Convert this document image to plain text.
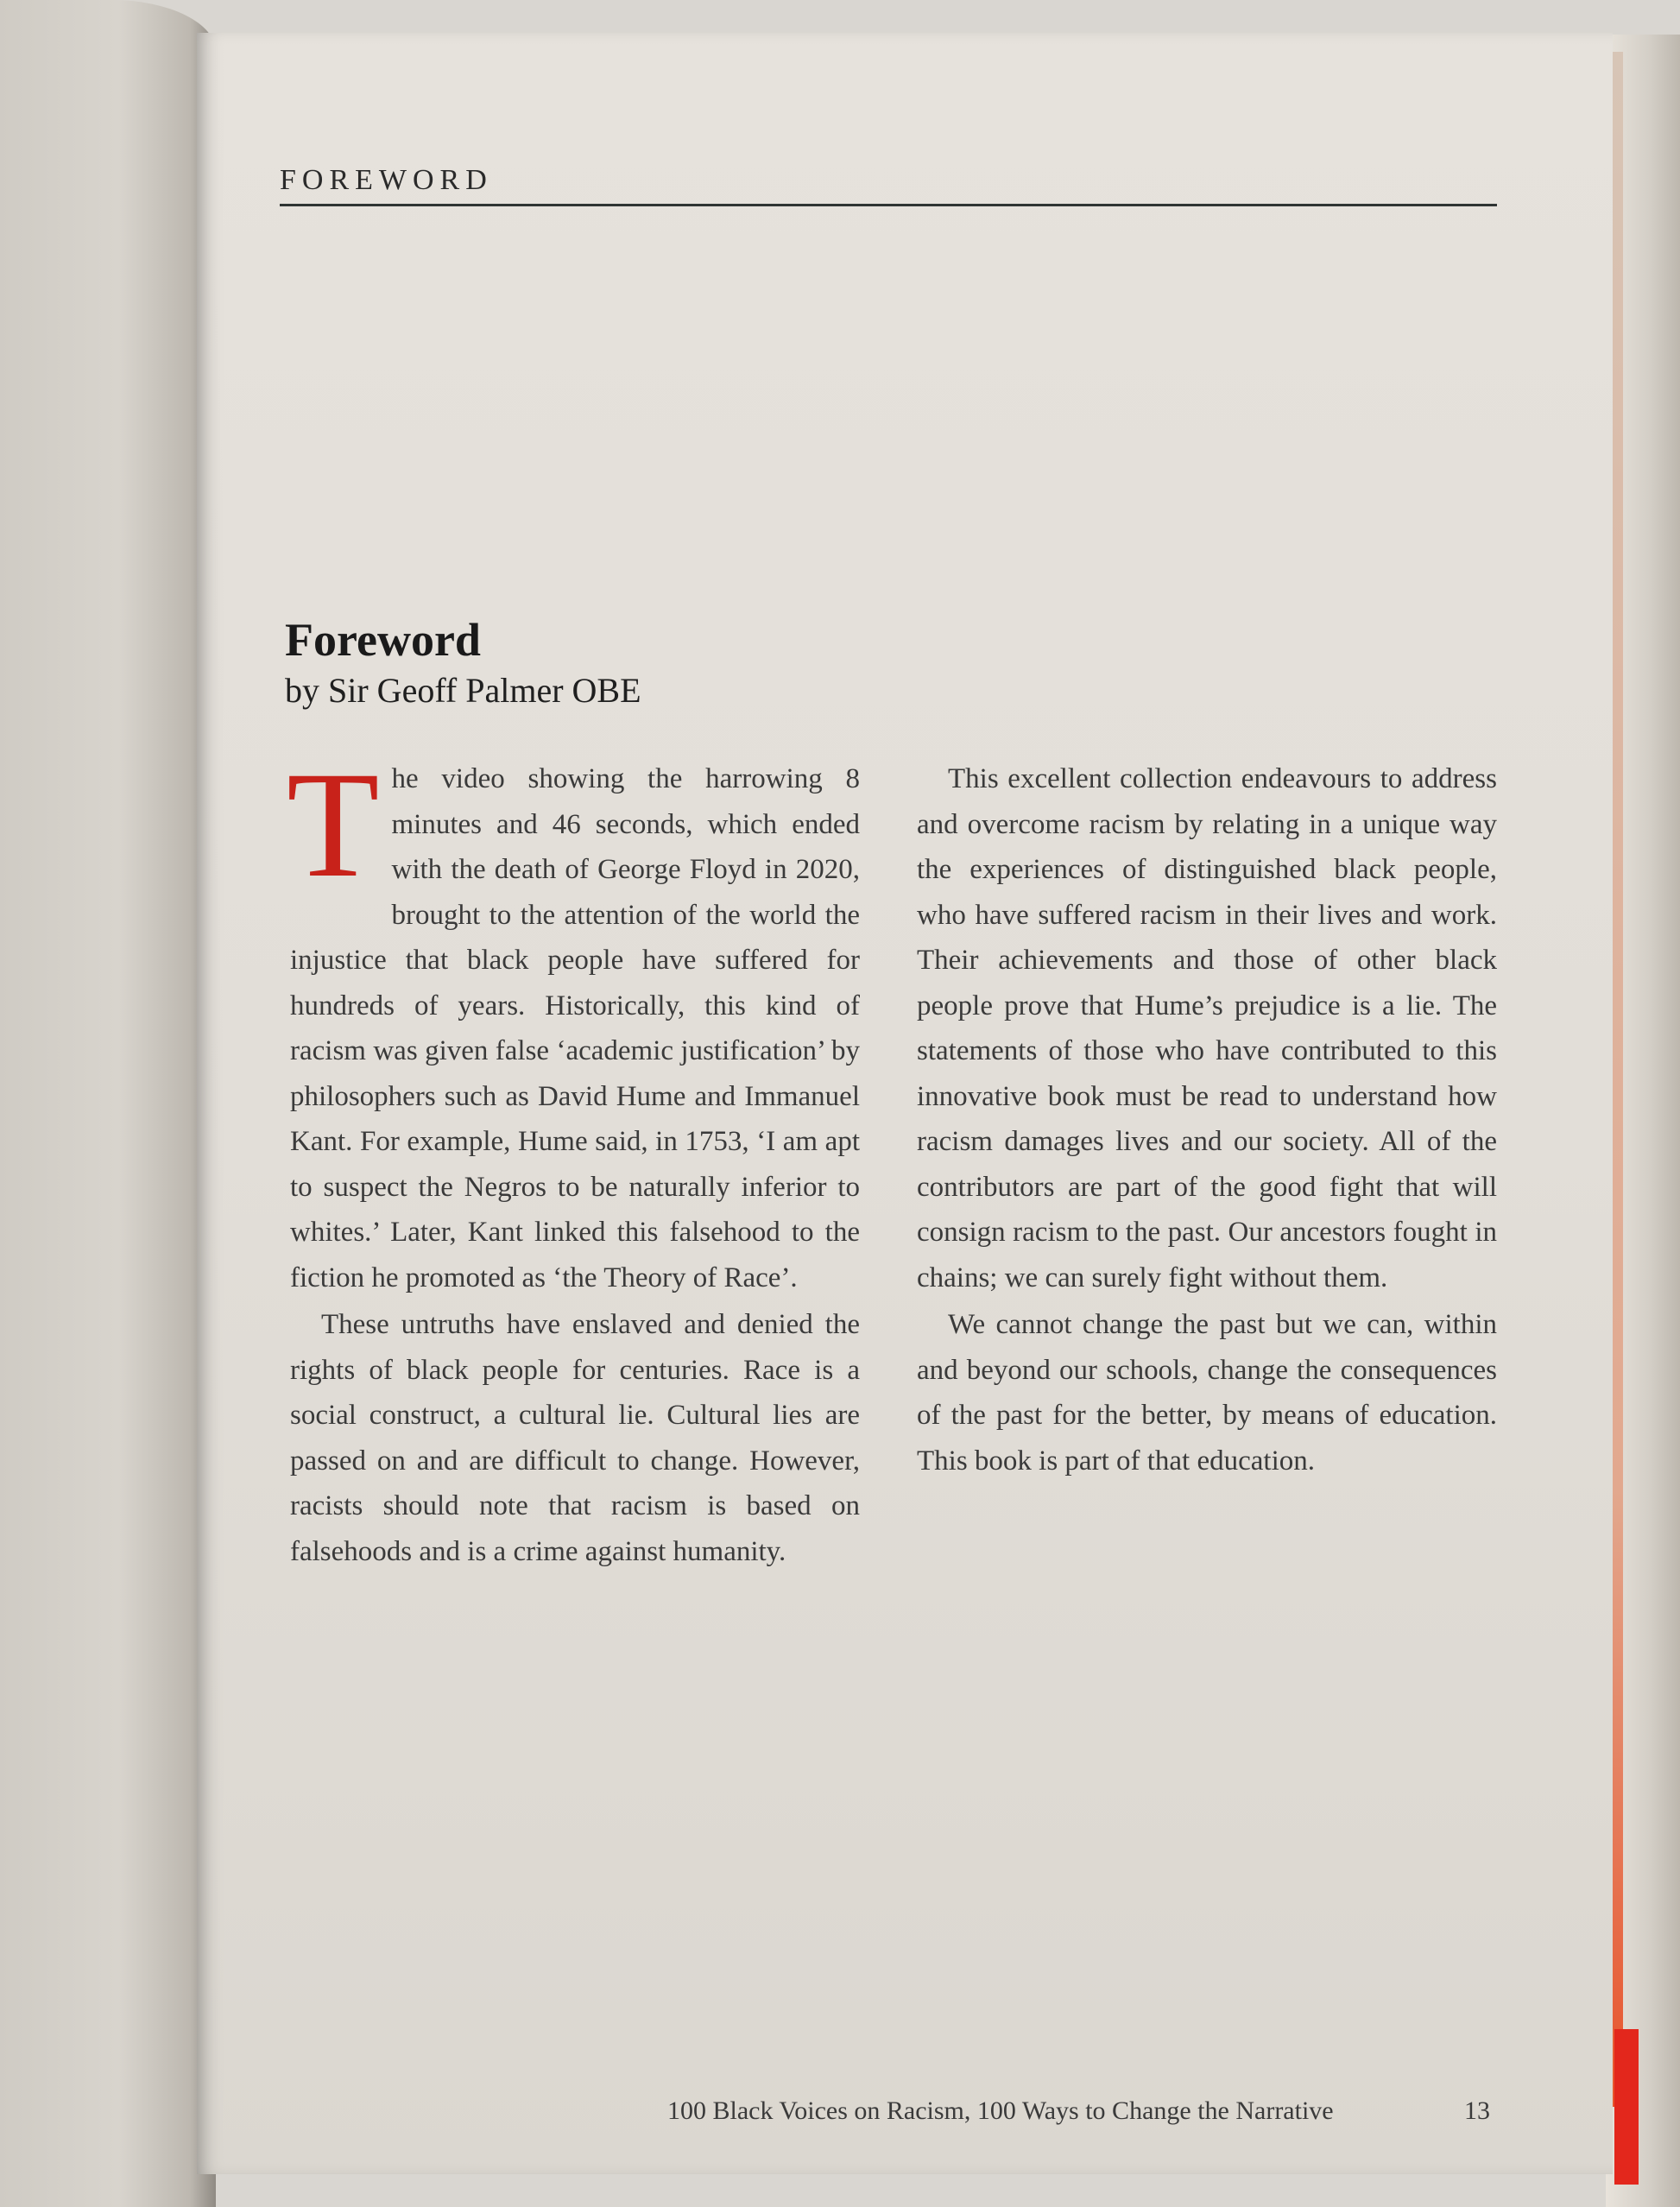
FOREWORD
Foreword
by Sir Geoff Palmer OBE

The video showing the harrowing 8 minutes and 46 seconds, which ended with the death of George Floyd in 2020, brought to the attention of the world the injustice that black people have suffered for hundreds of years. Historically, this kind of racism was given false ‘academic justification’ by philosophers such as David Hume and Immanuel Kant. For example, Hume said, in 1753, ‘I am apt to suspect the Negros to be naturally inferior to whites.’ Later, Kant linked this falsehood to the fiction he promoted as ‘the Theory of Race’.

These untruths have enslaved and denied the rights of black people for centuries. Race is a social construct, a cultural lie. Cultural lies are passed on and are difficult to change. However, racists should note that racism is based on falsehoods and is a crime against humanity.

This excellent collection endeavours to address and overcome racism by relating in a unique way the experiences of distinguished black people, who have suffered racism in their lives and work. Their achievements and those of other black people prove that Hume’s prejudice is a lie. The statements of those who have contributed to this innovative book must be read to understand how racism damages lives and our society. All of the contributors are part of the good fight that will consign racism to the past. Our ancestors fought in chains; we can surely fight without them.

We cannot change the past but we can, within and beyond our schools, change the consequences of the past for the better, by means of education. This book is part of that education.

100 Black Voices on Racism, 100 Ways to Change the Narrative	13
